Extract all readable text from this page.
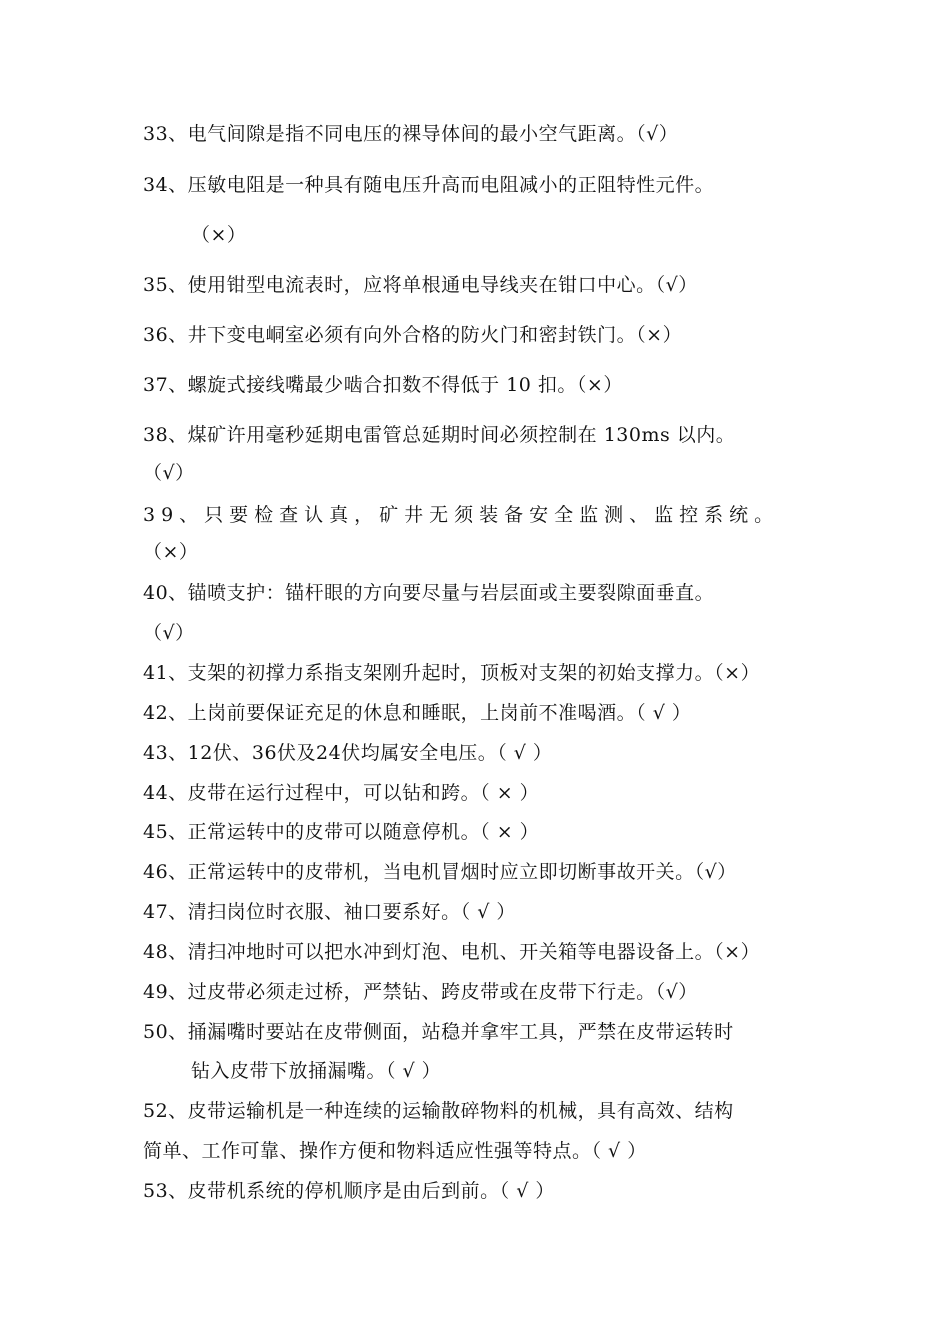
33、电气间隙是指不同电压的裸导体间的最小空气距离。（√）
34、压敏电阻是一种具有随电压升高而电阻减小的正阻特性元件。
（×）
35、使用钳型电流表时，应将单根通电导线夹在钳口中心。（√）
36、井下变电峒室必须有向外合格的防火门和密封铁门。（×）
37、螺旋式接线嘴最少啮合扣数不得低于 10 扣。（×）
38、煤矿许用毫秒延期电雷管总延期时间必须控制在 130ms 以内。
（√）
39、只要检查认真，矿井无须装备安全监测、监控系统。
（×）
40、锚喷支护：锚杆眼的方向要尽量与岩层面或主要裂隙面垂直。
（√）
41、支架的初撑力系指支架刚升起时，顶板对支架的初始支撑力。（×）
42、上岗前要保证充足的休息和睡眠，上岗前不准喝酒。（ √ ）
43、12伏、36伏及24伏均属安全电压。（ √ ）
44、皮带在运行过程中，可以钻和跨。（ × ）
45、正常运转中的皮带可以随意停机。（ × ）
46、正常运转中的皮带机，当电机冒烟时应立即切断事故开关。（√）
47、清扫岗位时衣服、袖口要系好。（ √ ）
48、清扫冲地时可以把水冲到灯泡、电机、开关箱等电器设备上。（×）
49、过皮带必须走过桥，严禁钻、跨皮带或在皮带下行走。（√）
50、捅漏嘴时要站在皮带侧面，站稳并拿牢工具，严禁在皮带运转时
钻入皮带下放捅漏嘴。（ √ ）
52、皮带运输机是一种连续的运输散碎物料的机械，具有高效、结构
简单、工作可靠、操作方便和物料适应性强等特点。（ √ ）
53、皮带机系统的停机顺序是由后到前。（ √ ）
